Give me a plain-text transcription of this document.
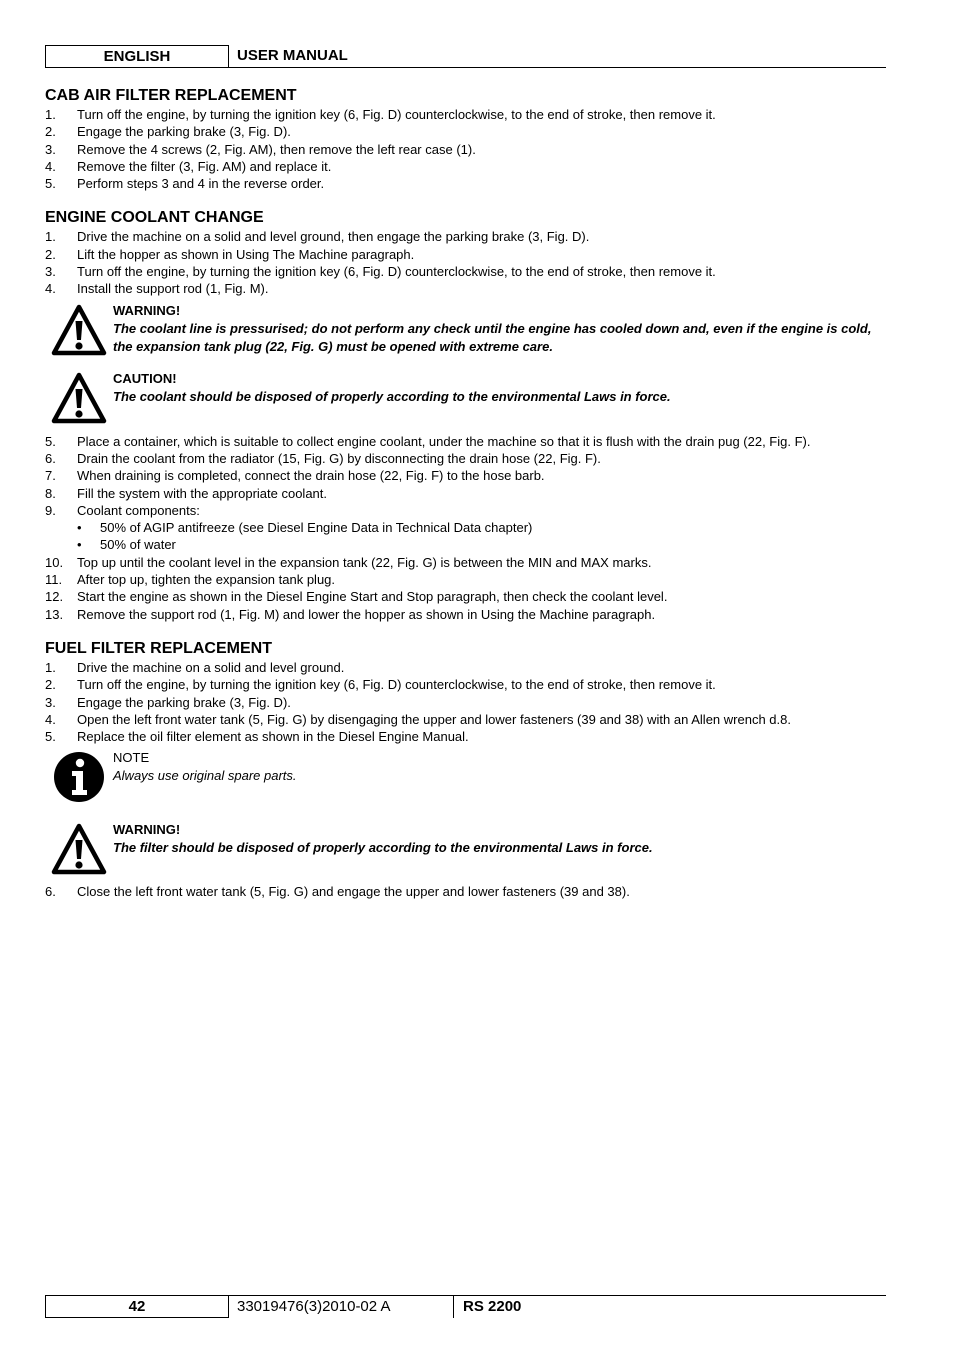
ENGLISH	USER MANUAL
CAB AIR FILTER REPLACEMENT
1. Turn off the engine, by turning the ignition key (6, Fig. D) counterclockwise, to the end of stroke, then remove it.
2. Engage the parking brake (3, Fig. D).
3. Remove the 4 screws (2, Fig. AM), then remove the left rear case (1).
4. Remove the filter (3, Fig. AM) and replace it.
5. Perform steps 3 and 4 in the reverse order.
ENGINE COOLANT CHANGE
1. Drive the machine on a solid and level ground, then engage the parking brake (3, Fig. D).
2. Lift the hopper as shown in Using The Machine paragraph.
3. Turn off the engine, by turning the ignition key (6, Fig. D) counterclockwise, to the end of stroke, then remove it.
4. Install the support rod (1, Fig. M).
WARNING!
The coolant line is pressurised; do not perform any check until the engine has cooled down and, even if the engine is cold, the expansion tank plug (22, Fig. G) must be opened with extreme care.
CAUTION!
The coolant should be disposed of properly according to the environmental Laws in force.
5. Place a container, which is suitable to collect engine coolant, under the machine so that it is flush with the drain pug (22, Fig. F).
6. Drain the coolant from the radiator (15, Fig. G) by disconnecting the drain hose (22, Fig. F).
7. When draining is completed, connect the drain hose (22, Fig. F) to the hose barb.
8. Fill the system with the appropriate coolant.
9. Coolant components:
• 50% of AGIP antifreeze (see Diesel Engine Data in Technical Data chapter)
• 50% of water
10. Top up until the coolant level in the expansion tank (22, Fig. G) is between the MIN and MAX marks.
11. After top up, tighten the expansion tank plug.
12. Start the engine as shown in the Diesel Engine Start and Stop paragraph, then check the coolant level.
13. Remove the support rod (1, Fig. M) and lower the hopper as shown in Using the Machine paragraph.
FUEL FILTER REPLACEMENT
1. Drive the machine on a solid and level ground.
2. Turn off the engine, by turning the ignition key (6, Fig. D) counterclockwise, to the end of stroke, then remove it.
3. Engage the parking brake (3, Fig. D).
4. Open the left front water tank (5, Fig. G) by disengaging the upper and lower fasteners (39 and 38) with an Allen wrench d.8.
5. Replace the oil filter element as shown in the Diesel Engine Manual.
NOTE
Always use original spare parts.
WARNING!
The filter should be disposed of properly according to the environmental Laws in force.
6. Close the left front water tank (5, Fig. G) and engage the upper and lower fasteners (39 and 38).
42	33019476(3)2010-02 A	RS 2200
